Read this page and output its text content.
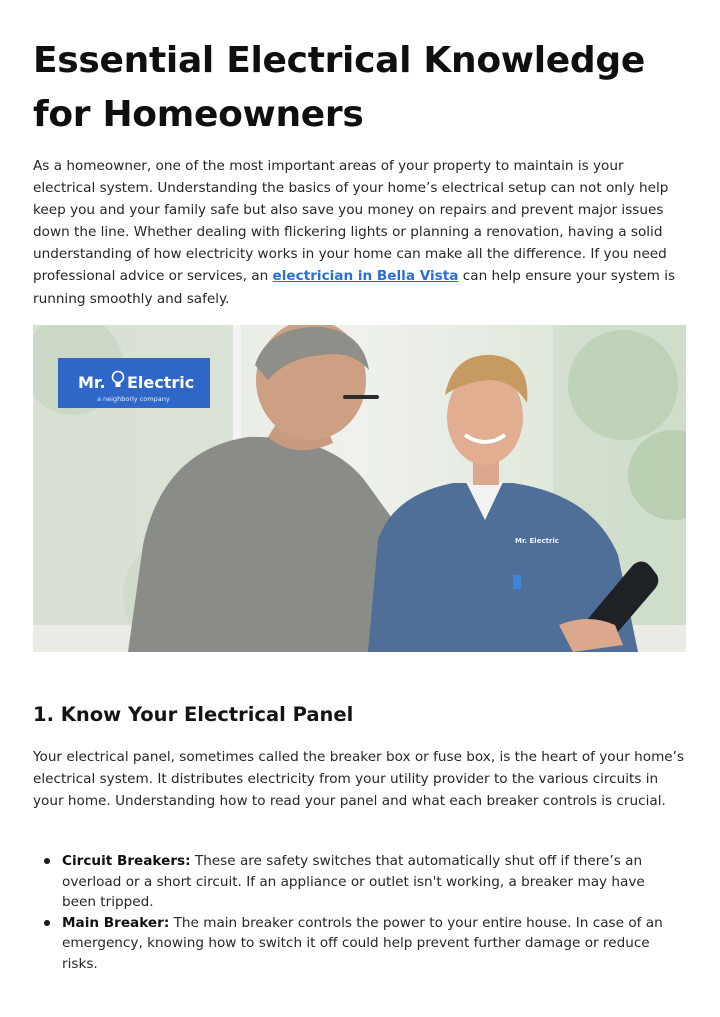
Essential Electrical Knowledge for Homeowners

As a homeowner, one of the most important areas of your property to maintain is your electrical system. Understanding the basics of your home’s electrical setup can not only help keep you and your family safe but also save you money on repairs and prevent major issues down the line. Whether dealing with flickering lights or planning a renovation, having a solid understanding of how electricity works in your home can make all the difference. If you need professional advice or services, an electrician in Bella Vista can help ensure your system is running smoothly and safely.

Mr. Electric
a neighborly company
Mr. Electric
1. Know Your Electrical Panel

Your electrical panel, sometimes called the breaker box or fuse box, is the heart of your home’s electrical system. It distributes electricity from your utility provider to the various circuits in your home. Understanding how to read your panel and what each breaker controls is crucial.

Circuit Breakers: These are safety switches that automatically shut off if there’s an overload or a short circuit. If an appliance or outlet isn't working, a breaker may have been tripped.
Main Breaker: The main breaker controls the power to your entire house. In case of an emergency, knowing how to switch it off could help prevent further damage or reduce risks.
